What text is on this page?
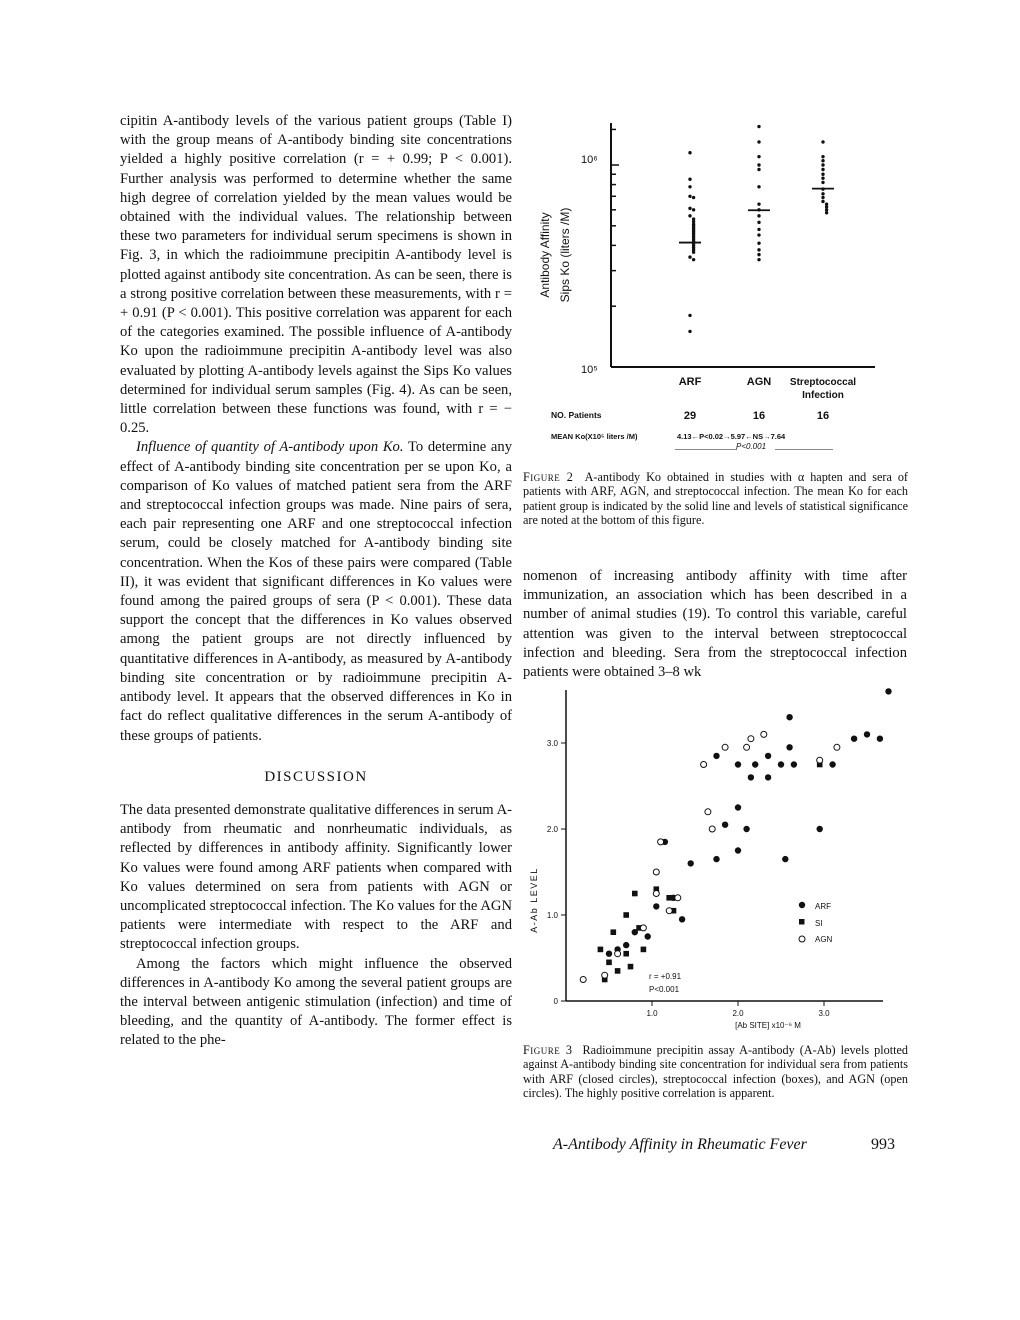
cipitin A-antibody levels of the various patient groups (Table I) with the group means of A-antibody binding site concentrations yielded a highly positive correlation (r = + 0.99; P < 0.001). Further analysis was performed to determine whether the same high degree of correlation yielded by the mean values would be obtained with the individual values. The relationship between these two parameters for individual serum specimens is shown in Fig. 3, in which the radioimmune precipitin A-antibody level is plotted against antibody site concentration. As can be seen, there is a strong positive correlation between these measurements, with r = + 0.91 (P < 0.001). This positive correlation was apparent for each of the categories examined. The possible influence of A-antibody Ko upon the radioimmune precipitin A-antibody level was also evaluated by plotting A-antibody levels against the Sips Ko values determined for individual serum samples (Fig. 4). As can be seen, little correlation between these functions was found, with r = − 0.25.

Influence of quantity of A-antibody upon Ko. To determine any effect of A-antibody binding site concentration per se upon Ko, a comparison of Ko values of matched patient sera from the ARF and streptococcal infection groups was made. Nine pairs of sera, each pair representing one ARF and one streptococcal infection serum, could be closely matched for A-antibody binding site concentration. When the Kos of these pairs were compared (Table II), it was evident that significant differences in Ko values were found among the paired groups of sera (P < 0.001). These data support the concept that the differences in Ko values observed among the patient groups are not directly influenced by quantitative differences in A-antibody, as measured by A-antibody binding site concentration or by radioimmune precipitin A-antibody level. It appears that the observed differences in Ko in fact do reflect qualitative differences in the serum A-antibody of these groups of patients.

DISCUSSION

The data presented demonstrate qualitative differences in serum A-antibody from rheumatic and nonrheumatic individuals, as reflected by differences in antibody affinity. Significantly lower Ko values were found among ARF patients when compared with Ko values determined on sera from patients with AGN or uncomplicated streptococcal infection. The Ko values for the AGN patients were intermediate with respect to the ARF and streptococcal infection groups.

Among the factors which might influence the observed differences in A-antibody Ko among the several patient groups are the interval between antigenic stimulation (infection) and time of bleeding, and the quantity of A-antibody. The former effect is related to the phe-

Antibody Affinity Sips Ko (liters /M)
10⁶
10⁵
ARF	AGN Streptococcal
Infection
NO. Patients	29	16	16
MEAN Ko(X10⁵ liters /M)	4.13←P<0.02→5.97←NS→7.64
P<0.001
Figure 2 A-antibody Ko obtained in studies with α hapten and sera of patients with ARF, AGN, and streptococcal infection. The mean Ko for each patient group is indicated by the solid line and levels of statistical significance are noted at the bottom of this figure.

nomenon of increasing antibody affinity with time after immunization, an association which has been described in a number of animal studies (19). To control this variable, careful attention was given to the interval between streptococcal infection and bleeding. Sera from the streptococcal infection patients were obtained 3–8 wk

0
1.0
2.0
3.0
1.0	2.0	3.0
A-Ab LEVEL
[Ab SITE] x10⁻⁶ M
ARF
SI
AGN
r = +0.91
P<0.001
Figure 3 Radioimmune precipitin assay A-antibody (A-Ab) levels plotted against A-antibody binding site concentration for individual sera from patients with ARF (closed circles), streptococcal infection (boxes), and AGN (open circles). The highly positive correlation is apparent.
A-Antibody Affinity in Rheumatic Fever	993
